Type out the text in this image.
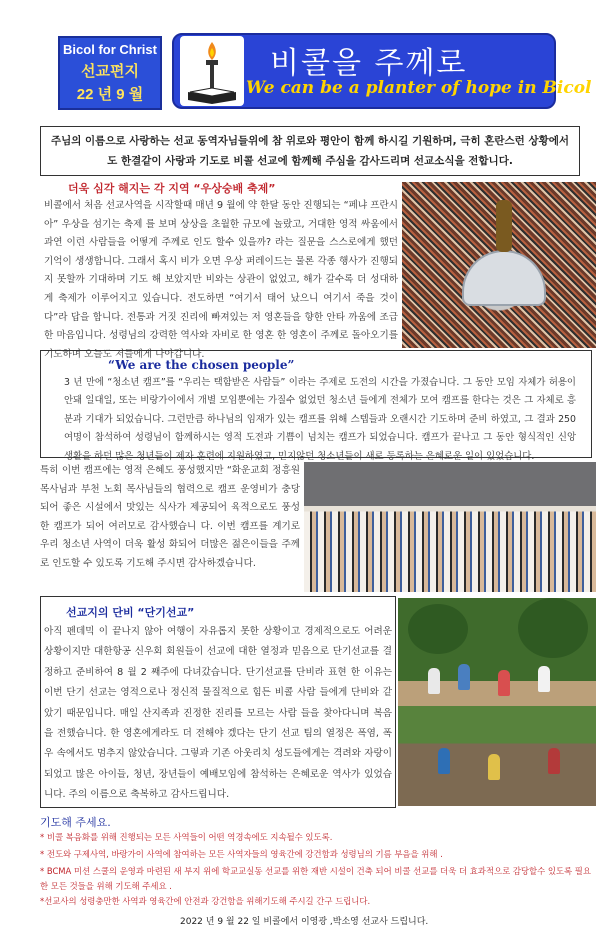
Bicol for Christ
선교편지
22 년 9 월
비콜을 주께로
We can be a planter of hope in Bicol
주님의 이름으로 사랑하는 선교 동역자님들위에 참 위로와 평안이 함께 하시길 기원하며, 극히 혼란스런 상황에서도 한결같이 사랑과 기도로 비콜 선교에 함께해 주심을 감사드리며 선교소식을 전합니다.
더욱 심각 해지는 각 지역 “우상숭배 축제”
비콜에서 처음 선교사역을 시작할때 매년 9 월에 약 한달 동안 진행되는 “페냐 프란시아” 우상을 섬기는 축제 를 보며 상상을 초월한 규모에 놀랐고, 거대한 영적 싸움에서 과연 이런 사람들을 어떻게 주께로 인도 할수 있을까? 라는 질문을 스스로에게 했던 기억이 생생합니다. 그래서 혹시 비가 오면 우상 퍼레이드는 물론 각종 행사가 진행되지 못할까 기대하며 기도 해 보았지만 비와는 상관이 없었고, 해가 갈수록 더 성대하게 축제가 이루어지고 있습니다. 전도하면 “여기서 태어 났으니 여기서 죽을 것이다”라 답을 합니다. 전통과 거짓 진리에 빠져있는 저 영혼들을 향한 안타 까움에 조급한 마음입니다. 성령님의 강력한 역사와 자비로 한 영혼 한 영혼이 주께로 돌아오기를 기도하며 오늘도 저들에게 나아갑니다.
“We are the chosen people”
3 년 만에 “청소년 캠프”를 “우리는 택함받은 사람들” 이라는 주제로 도전의 시간을 가졌습니다. 그 동안 모임 자체가 허용이 안돼 일대일, 또는 비랑가이에서 개별 모임뿐에는 가질수 없었던 청소년 들에게 전체가 모여 캠프를 한다는 것은 그 자체로 흥분과 기대가 되었습니다. 그런만큼 하나님의 임재가 있는 캠프를 위해 스텝들과 오랜시간 기도하며 준비 하였고, 그 결과 250 여명이 참석하여 성령님이 함께하시는 영적 도전과 기쁨이 넘치는 캠프가 되었습니다. 캠프가 끝나고 그 동안 형식적인 신앙 생활을 하던 많은 청년들이 제자 훈련에 지원하였고, 믿지않던 청소년들이 새로 등록하는 은혜로운 일이 있었습니다.
특히 이번 캠프에는 영적 은혜도 풍성했지만 “화운교회 정흥원 목사님과 부천 노회 목사님들의 협력으로 캠프 운영비가 충당되어 좋은 시설에서 맛있는 식사가 제공되어 육적으로도 풍성한 캠프가 되어 여러모로 감사했습니 다. 이번 캠프를 계기로 우리 청소년 사역이 더욱 활성 화되어 더많은 젊은이들을 주께로 인도할 수 있도록 기도해 주시면 감사하겠습니다.
선교지의 단비 “단기선교”
아직 펜데믹 이 끝나지 않아 여행이 자유롭지 못한 상황이고 경제적으로도 어려운 상황이지만 대한항공 신우회 회원들이 선교에 대한 열정과 믿음으로 단기선교를 결정하고 준비하여 8 월 2 째주에 다녀갔습니다. 단기선교를 단비라 표현 한 이유는 이번 단기 선교는 영적으로나 정신적 물질적으로 힘든 비콜 사람 들에게 단비와 같았기 때문입니다. 매일 산지족과 진정한 진리를 모르는 사람 들을 찾아다니며 복음을 전했습니다. 한 영혼에게라도 더 전해야 겠다는 단기 선교 팀의 열정은 폭염, 폭우 속에서도 멈추지 않았습니다. 그렇과 기존 아웃리치 성도들에게는 격려와 자랑이 되었고 많은 아이들, 청년, 장년들이 예배모임에 참석하는 은혜로운 역사가 있었습니다. 주의 이름으로 축복하고 감사드립니다.
기도해 주세요.
* 비콜 복음화를 위해 진행되는 모든 사역들이 어떤 역경속에도 지속될수 있도록.
* 전도와 구제사역, 바랑가이 사역에 참여하는 모든 사역자들의 영육간에 강건함과 성령님의 기름 부음을 위해 .
* BCMA 미션 스쿨의 운영과 마련된 새 부지 위에 학교교실동 선교를 위한 재반 시설이 건축 되어 비콜 선교를 더욱 더 효과적으로 감당할수 있도록 필요한 모든 것들을 위해 기도해 주세요 .
*선교사의 성령충만한 사역과 영육간에 안전과 강건함을 위해기도해 주시길 간구 드립니다.
2022 년 9 월 22 일 비콜에서 이영광 ,박소영 선교사 드립니다.
